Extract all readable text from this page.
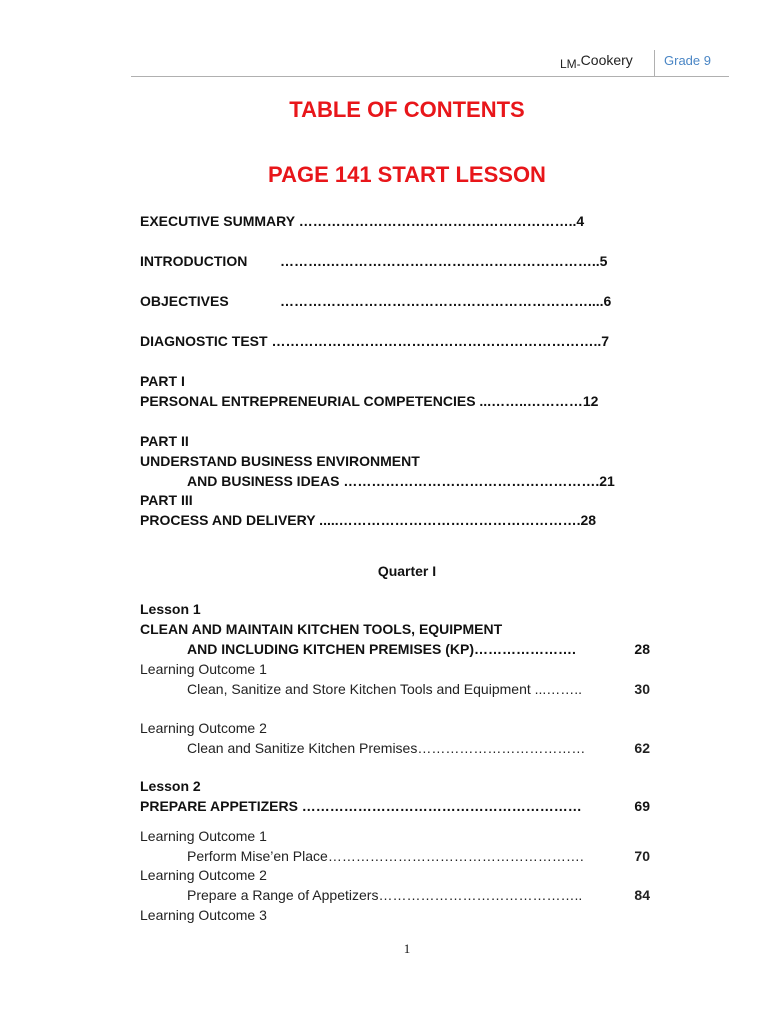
LM-Cookery Grade 9
TABLE OF CONTENTS
PAGE 141 START LESSON
EXECUTIVE SUMMARY ………………………………….………………..4
INTRODUCTION ……….…………………………………………………..5
OBJECTIVES	…………………………………………………………....6
DIAGNOSTIC TEST ……………………………………………………………..7
PART I
PERSONAL ENTREPRENEURIAL COMPETENCIES ...……..…………12
PART II
UNDERSTAND BUSINESS ENVIRONMENT
AND BUSINESS IDEAS ……………………………………………….21
PART III
PROCESS AND DELIVERY .....…………………………………………….28
Quarter I
Lesson 1
CLEAN AND MAINTAIN KITCHEN TOOLS, EQUIPMENT
AND INCLUDING KITCHEN PREMISES (KP)………………….	28
Learning Outcome 1
Clean, Sanitize and Store Kitchen Tools and Equipment ...……..	30
Learning Outcome 2
Clean and Sanitize Kitchen Premises………………………………	62
Lesson 2
PREPARE APPETIZERS ……………………………………………………	69
Learning Outcome 1
Perform Mise’en Place……………………………………………….	70
Learning Outcome 2
Prepare a Range of Appetizers……………………………………..	84
Learning Outcome 3
1
